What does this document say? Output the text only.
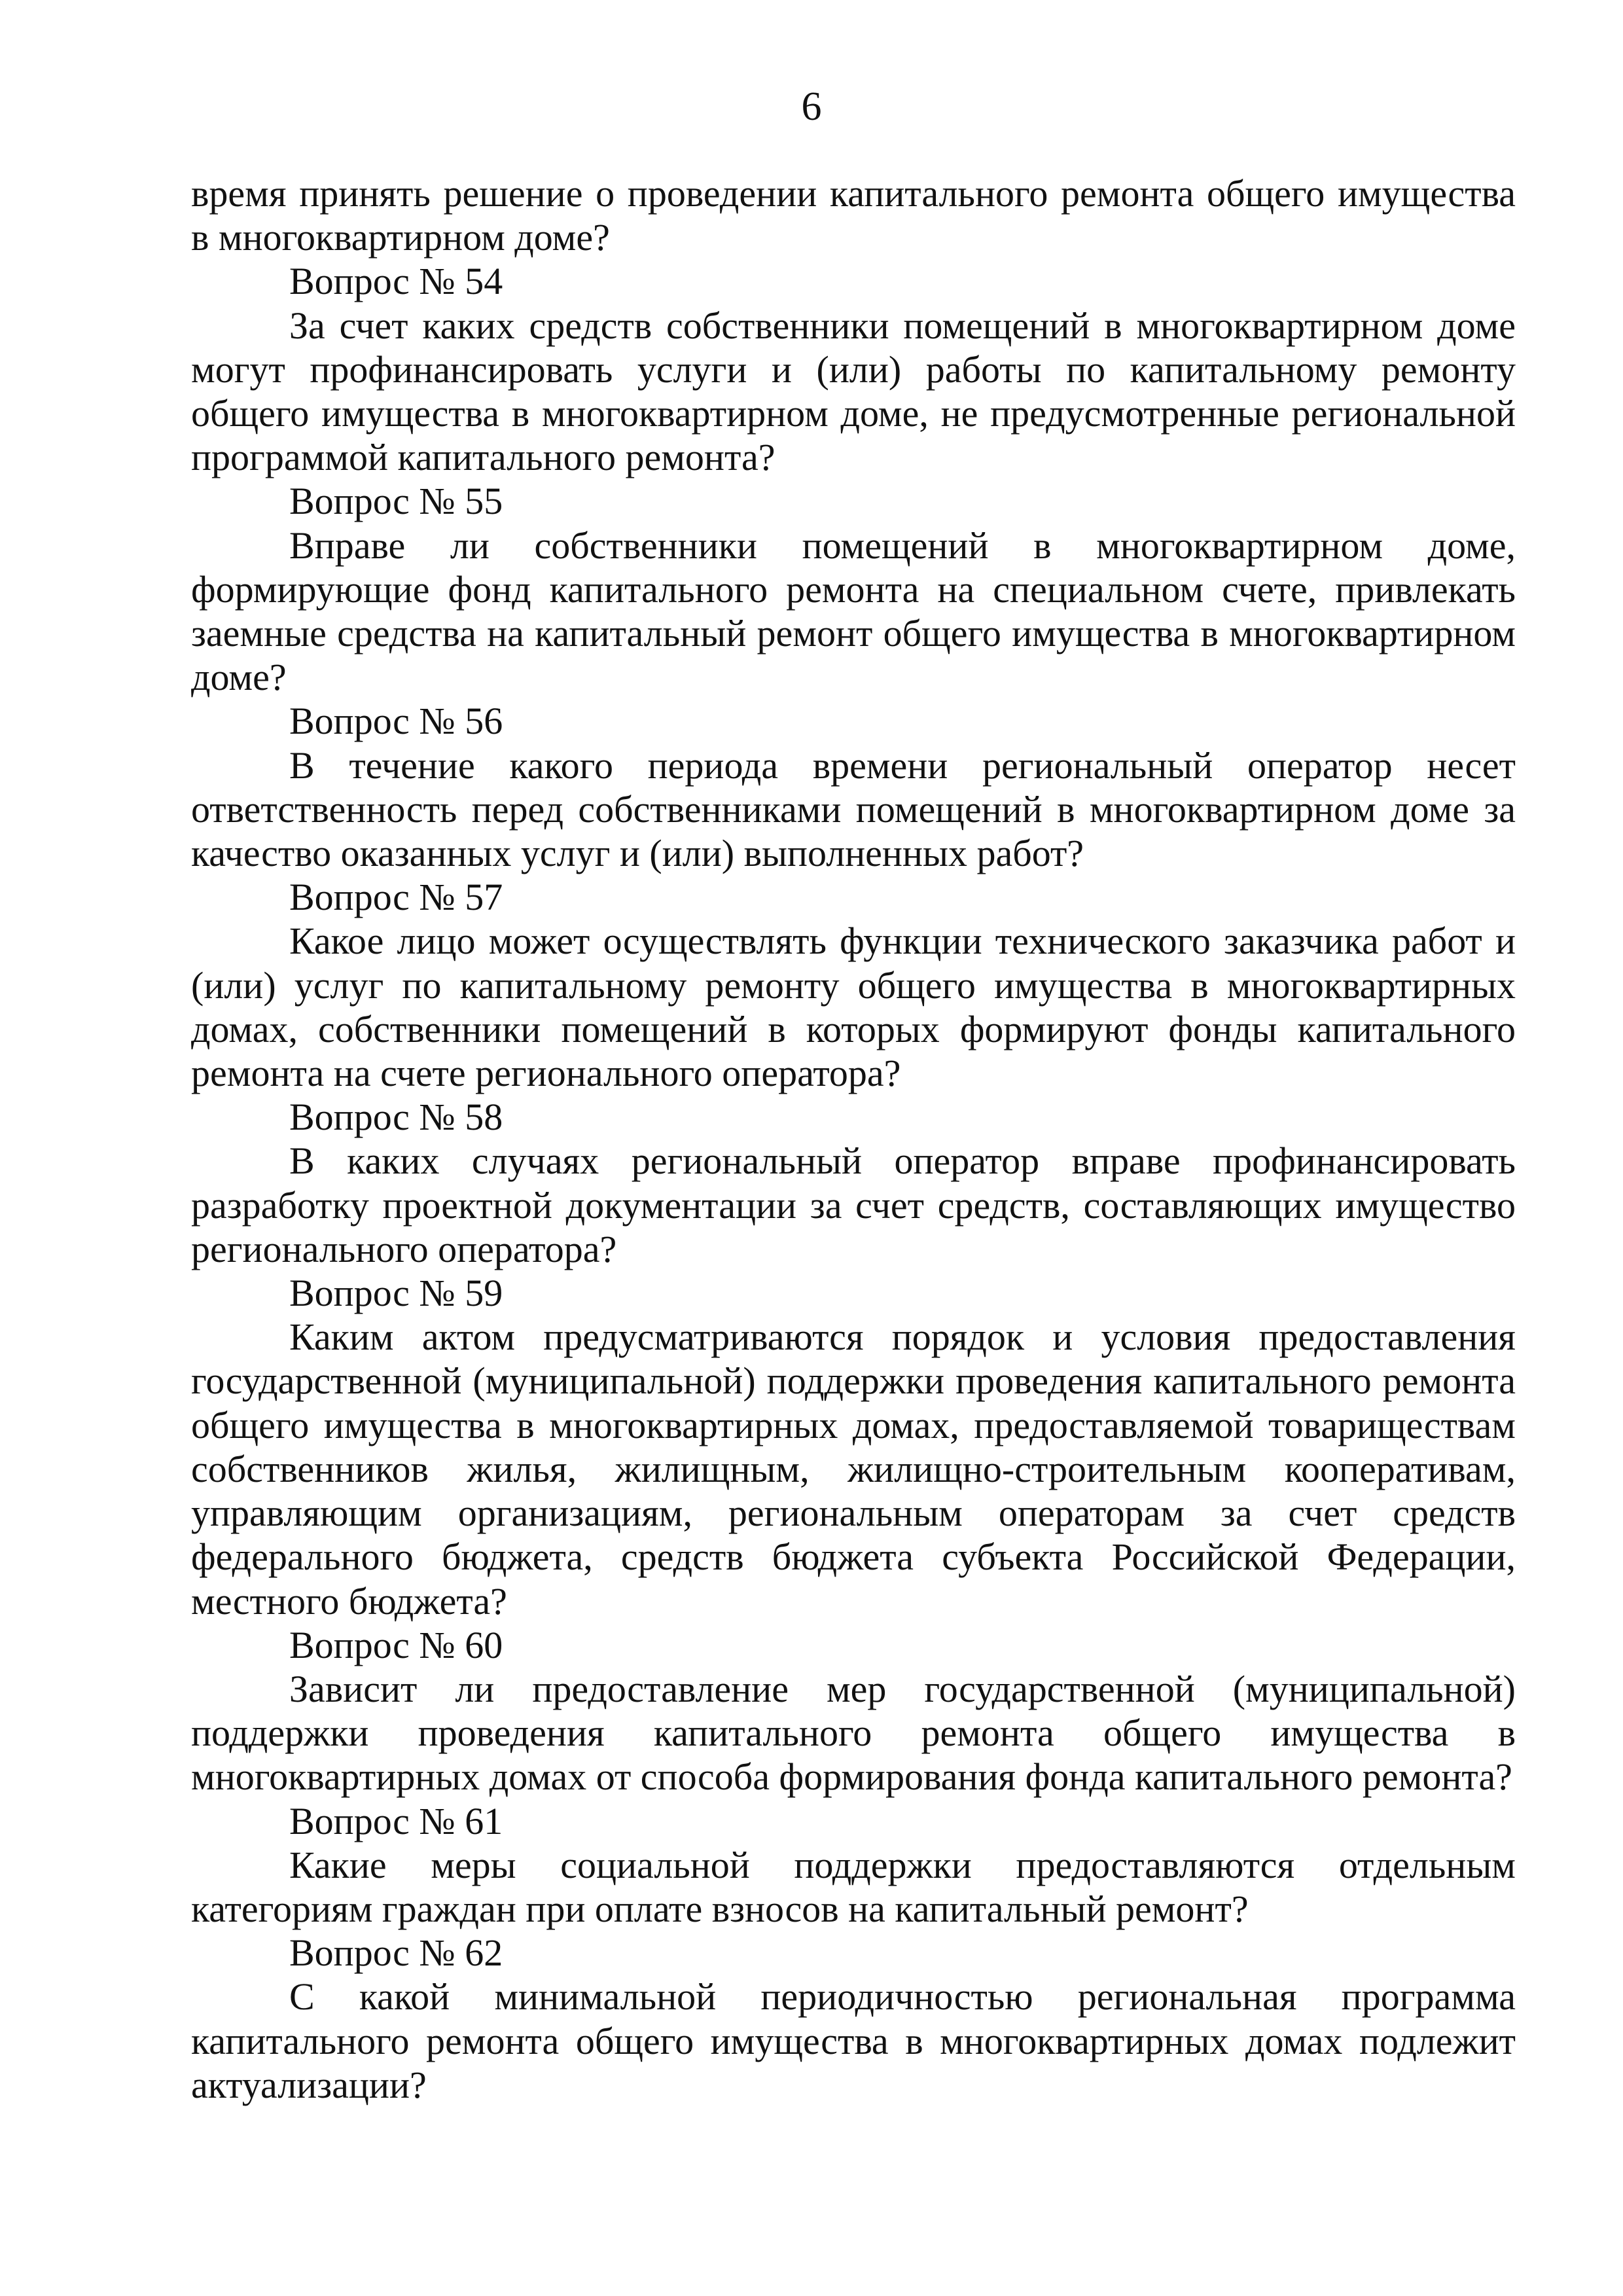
6

время принять решение о проведении капитального ремонта общего имущества в многоквартирном доме?

Вопрос № 54

За счет каких средств собственники помещений в многоквартирном доме могут профинансировать услуги и (или) работы по капитальному ремонту общего имущества в многоквартирном доме, не предусмотренные региональной программой капитального ремонта?

Вопрос № 55

Вправе ли собственники помещений в многоквартирном доме, формирующие фонд капитального ремонта на специальном счете, привлекать заемные средства на капитальный ремонт общего имущества в многоквартирном доме?

Вопрос № 56

В течение какого периода времени региональный оператор несет ответственность перед собственниками помещений в многоквартирном доме за качество оказанных услуг и (или) выполненных работ?

Вопрос № 57

Какое лицо может осуществлять функции технического заказчика работ и (или) услуг по капитальному ремонту общего имущества в многоквартирных домах, собственники помещений в которых формируют фонды капитального ремонта на счете регионального оператора?

Вопрос № 58

В каких случаях региональный оператор вправе профинансировать разработку проектной документации за счет средств, составляющих имущество регионального оператора?

Вопрос № 59

Каким актом предусматриваются порядок и условия предоставления государственной (муниципальной) поддержки проведения капитального ремонта общего имущества в многоквартирных домах, предоставляемой товариществам собственников жилья, жилищным, жилищно-строительным кооперативам, управляющим организациям, региональным операторам за счет средств федерального бюджета, средств бюджета субъекта Российской Федерации, местного бюджета?

Вопрос № 60

Зависит ли предоставление мер государственной (муниципальной) поддержки проведения капитального ремонта общего имущества в многоквартирных домах от способа формирования фонда капитального ремонта?

Вопрос № 61

Какие меры социальной поддержки предоставляются отдельным категориям граждан при оплате взносов на капитальный ремонт?

Вопрос № 62

С какой минимальной периодичностью региональная программа капитального ремонта общего имущества в многоквартирных домах подлежит актуализации?
